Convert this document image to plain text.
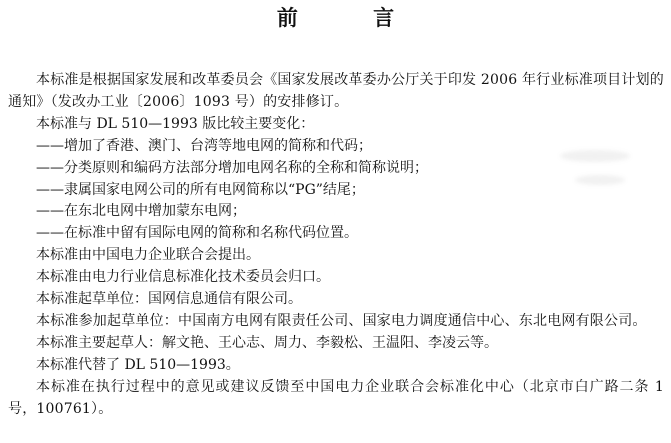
前 言

本标准是根据国家发展和改革委员会《国家发展改革委办公厅关于印发 2006 年行业标准项目计划的通知》（发改办工业〔2006〕1093 号）的安排修订。

本标准与 DL 510—1993 版比较主要变化：

——增加了香港、澳门、台湾等地电网的简称和代码；

——分类原则和编码方法部分增加电网名称的全称和简称说明；

——隶属国家电网公司的所有电网简称以“PG”结尾；

——在东北电网中增加蒙东电网；

——在标准中留有国际电网的简称和名称代码位置。

本标准由中国电力企业联合会提出。

本标准由电力行业信息标准化技术委员会归口。

本标准起草单位：国网信息通信有限公司。

本标准参加起草单位：中国南方电网有限责任公司、国家电力调度通信中心、东北电网有限公司。

本标准主要起草人：解文艳、王心志、周力、李毅松、王温阳、李凌云等。

本标准代替了 DL 510—1993。

本标准在执行过程中的意见或建议反馈至中国电力企业联合会标准化中心（北京市白广路二条 1 号，100761）。
